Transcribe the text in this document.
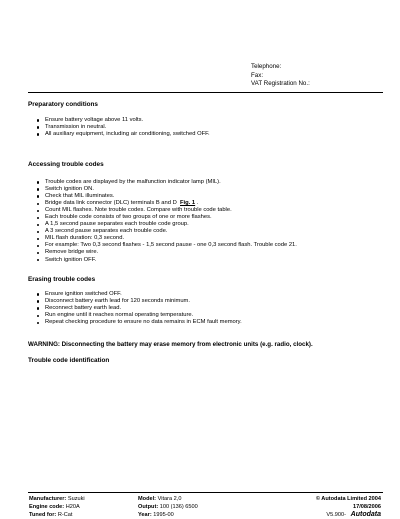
Telephone:
Fax:
VAT Registration No.:
Preparatory conditions
Ensure battery voltage above 11 volts.
Transmission in neutral.
All auxiliary equipment, including air conditioning, switched OFF.
Accessing trouble codes
Trouble codes are displayed by the malfunction indicator lamp (MIL).
Switch ignition ON.
Check that MIL illuminates.
Bridge data link connector (DLC) terminals B and D Fig. 1 .
Count MIL flashes. Note trouble codes. Compare with trouble code table.
Each trouble code consists of two groups of one or more flashes.
A 1,5 second pause separates each trouble code group.
A 3 second pause separates each trouble code.
MIL flash duration: 0,3 second.
For example: Two 0,3 second flashes - 1,5 second pause - one 0,3 second flash. Trouble code 21.
Remove bridge wire.
Switch ignition OFF.
Erasing trouble codes
Ensure ignition switched OFF.
Disconnect battery earth lead for 120 seconds minimum.
Reconnect battery earth lead.
Run engine until it reaches normal operating temperature.
Repeat checking procedure to ensure no data remains in ECM fault memory.
WARNING: Disconnecting the battery may erase memory from electronic units (e.g. radio, clock).
Trouble code identification
Manufacturer: Suzuki
Engine code: H20A
Tuned for: R-Cat
Model: Vitara 2,0
Output: 100 (136) 6500
Year: 1995-00
© Autodata Limited 2004
17/08/2006
V5.900- Autodata
